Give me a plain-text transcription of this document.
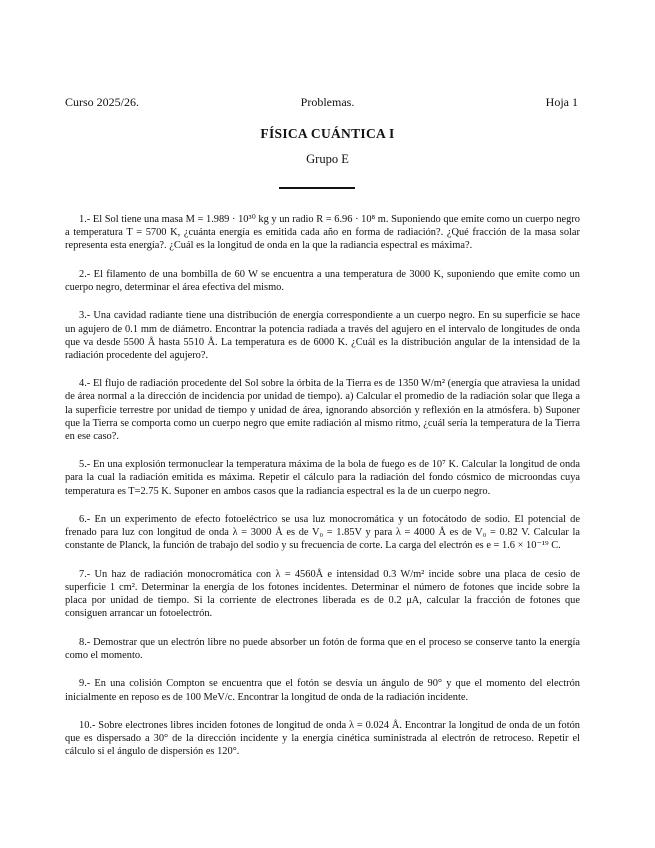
Curso 2025/26.	Problemas.	Hoja 1
FÍSICA CUÁNTICA I
Grupo E

1.- El Sol tiene una masa M = 1.989 · 10³⁰ kg y un radio R = 6.96 · 10⁸ m. Suponiendo que emite como un cuerpo negro a temperatura T = 5700 K, ¿cuánta energía es emitida cada año en forma de radiación?. ¿Qué fracción de la masa solar representa esta energía?. ¿Cuál es la longitud de onda en la que la radiancia espectral es máxima?.

2.- El filamento de una bombilla de 60 W se encuentra a una temperatura de 3000 K, suponiendo que emite como un cuerpo negro, determinar el área efectiva del mismo.

3.- Una cavidad radiante tiene una distribución de energía correspondiente a un cuerpo negro. En su superficie se hace un agujero de 0.1 mm de diámetro. Encontrar la potencia radiada a través del agujero en el intervalo de longitudes de onda que va desde 5500 Å hasta 5510 Å. La temperatura es de 6000 K. ¿Cuál es la distribución angular de la intensidad de la radiación procedente del agujero?.

4.- El flujo de radiación procedente del Sol sobre la órbita de la Tierra es de 1350 W/m² (energía que atraviesa la unidad de área normal a la dirección de incidencia por unidad de tiempo). a) Calcular el promedio de la radiación solar que llega a la superficie terrestre por unidad de tiempo y unidad de área, ignorando absorción y reflexión en la atmósfera. b) Suponer que la Tierra se comporta como un cuerpo negro que emite radiación al mismo ritmo, ¿cuál sería la temperatura de la Tierra en ese caso?.

5.- En una explosión termonuclear la temperatura máxima de la bola de fuego es de 10⁷ K. Calcular la longitud de onda para la cual la radiación emitida es máxima. Repetir el cálculo para la radiación del fondo cósmico de microondas cuya temperatura es T=2.75 K. Suponer en ambos casos que la radiancia espectral es la de un cuerpo negro.

6.- En un experimento de efecto fotoeléctrico se usa luz monocromática y un fotocátodo de sodio. El potencial de frenado para luz con longitud de onda λ = 3000 Å es de V₀ = 1.85V y para λ = 4000 Å es de V₀ = 0.82 V. Calcular la constante de Planck, la función de trabajo del sodio y su frecuencia de corte. La carga del electrón es e = 1.6 × 10⁻¹⁹ C.

7.- Un haz de radiación monocromática con λ = 4560Å e intensidad 0.3 W/m² incide sobre una placa de cesio de superficie 1 cm². Determinar la energía de los fotones incidentes. Determinar el número de fotones que incide sobre la placa por unidad de tiempo. Si la corriente de electrones liberada es de 0.2 μA, calcular la fracción de fotones que consiguen arrancar un fotoelectrón.

8.- Demostrar que un electrón libre no puede absorber un fotón de forma que en el proceso se conserve tanto la energía como el momento.

9.- En una colisión Compton se encuentra que el fotón se desvía un ángulo de 90° y que el momento del electrón inicialmente en reposo es de 100 MeV/c. Encontrar la longitud de onda de la radiación incidente.

10.- Sobre electrones libres inciden fotones de longitud de onda λ = 0.024 Å. Encontrar la longitud de onda de un fotón que es dispersado a 30° de la dirección incidente y la energía cinética suministrada al electrón de retroceso. Repetir el cálculo si el ángulo de dispersión es 120°.
